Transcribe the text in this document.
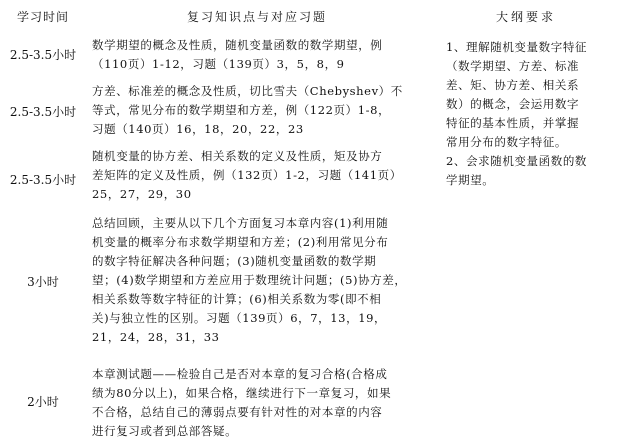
学习时间	复习知识点与对应习题	大纲要求
2.5-3.5小时
数学期望的概念及性质，随机变量函数的数学期望，例
（110页）1-12，习题（139页）3，5，8，9
2.5-3.5小时
方差、标准差的概念及性质，切比雪夫（Chebyshev）不
等式，常见分布的数学期望和方差，例（122页）1-8，
习题（140页）16，18，20，22，23
2.5-3.5小时
随机变量的协方差、相关系数的定义及性质，矩及协方
差矩阵的定义及性质，例（132页）1-2，习题（141页）
25，27，29，30
3小时
总结回顾，主要从以下几个方面复习本章内容(1)利用随
机变量的概率分布求数学期望和方差；(2)利用常见分布
的数字特征解决各种问题；(3)随机变量函数的数学期
望；(4)数学期望和方差应用于数理统计问题；(5)协方差，
相关系数等数字特征的计算；(6)相关系数为零(即不相
关)与独立性的区别。习题（139页）6，7，13，19，
21，24，28，31，33
2小时
本章测试题——检验自己是否对本章的复习合格(合格成
绩为80分以上)，如果合格，继续进行下一章复习，如果
不合格，总结自己的薄弱点要有针对性的对本章的内容
进行复习或者到总部答疑。
1、理解随机变量数字特征
（数学期望、方差、标准
差、矩、协方差、相关系
数）的概念，会运用数字
特征的基本性质，并掌握
常用分布的数字特征。
2、会求随机变量函数的数
学期望。
